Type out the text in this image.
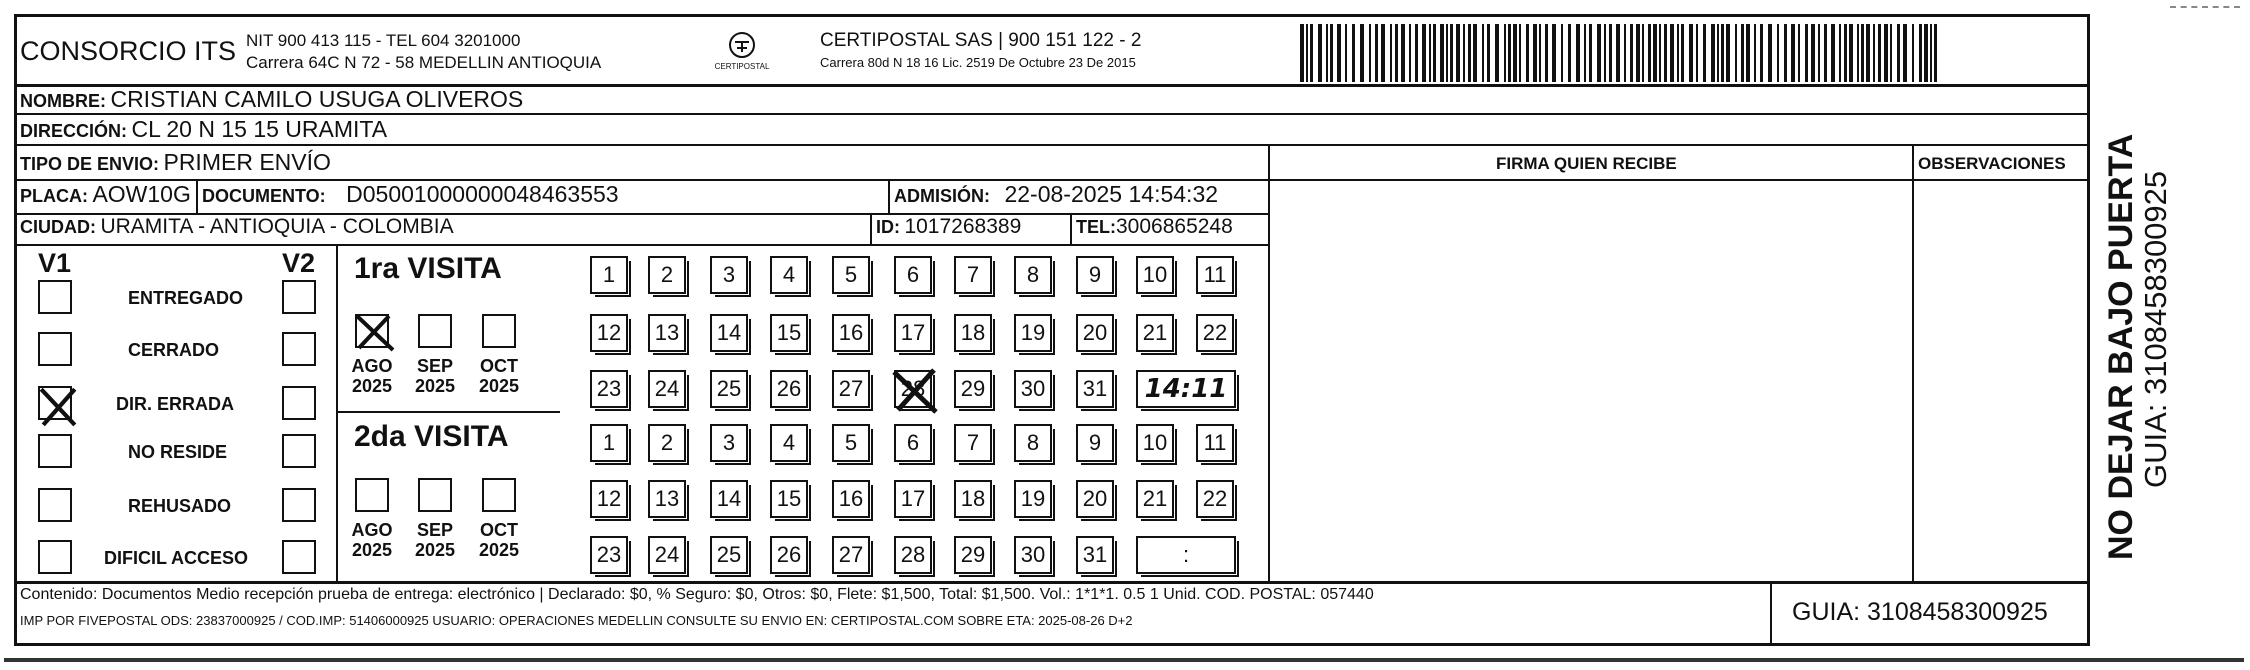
CONSORCIO ITS NIT 900 413 115 - TEL 604 3201000
Carrera 64C N 72 - 58 MEDELLIN ANTIOQUIA	CERTIPOSTAL
CERTIPOSTAL SAS | 900 151 122 - 2
Carrera 80d N 18 16 Lic. 2519 De Octubre 23 De 2015
NOMBRE: CRISTIAN CAMILO USUGA OLIVEROS
DIRECCIÓN: CL 20 N 15 15 URAMITA
TIPO DE ENVIO: PRIMER ENVÍO
PLACA: AOW10G DOCUMENTO: D05001000000048463553	ADMISIÓN: 22-08-2025 14:54:32
CIUDAD: URAMITA - ANTIOQUIA - COLOMBIA	ID: 1017268389	TEL:3006865248
FIRMA QUIEN RECIBE	OBSERVACIONES
V1	V2
ENTREGADO
CERRADO
DIR. ERRADA
NO RESIDE
REHUSADO
DIFICIL ACCESO
1ra VISITA
2da VISITA
AGO
2025
SEP
2025
OCT
2025
AGO
2025
SEP
2025
OCT
2025
1	2	3	4	5	6	7	8	9	10	11
12	13	14	15	16	17	18	19	20	21	22
23	24	25	26	27	28	29	30	31 14:11
1	2	3	4	5	6	7	8	9	10	11
12	13	14	15	16	17	18	19	20	21	22
23	24	25	26	27	28	29	30	31	:
Contenido: Documentos Medio recepción prueba de entrega: electrónico | Declarado: $0, % Seguro: $0, Otros: $0, Flete: $1,500, Total: $1,500. Vol.: 1*1*1. 0.5 1 Unid. COD. POSTAL: 057440
IMP POR FIVEPOSTAL ODS: 23837000925 / COD.IMP: 51406000925 USUARIO: OPERACIONES MEDELLIN CONSULTE SU ENVIO EN: CERTIPOSTAL.COM SOBRE ETA: 2025-08-26 D+2	GUIA: 3108458300925
NO DEJAR BAJO PUERTA
GUIA: 3108458300925
